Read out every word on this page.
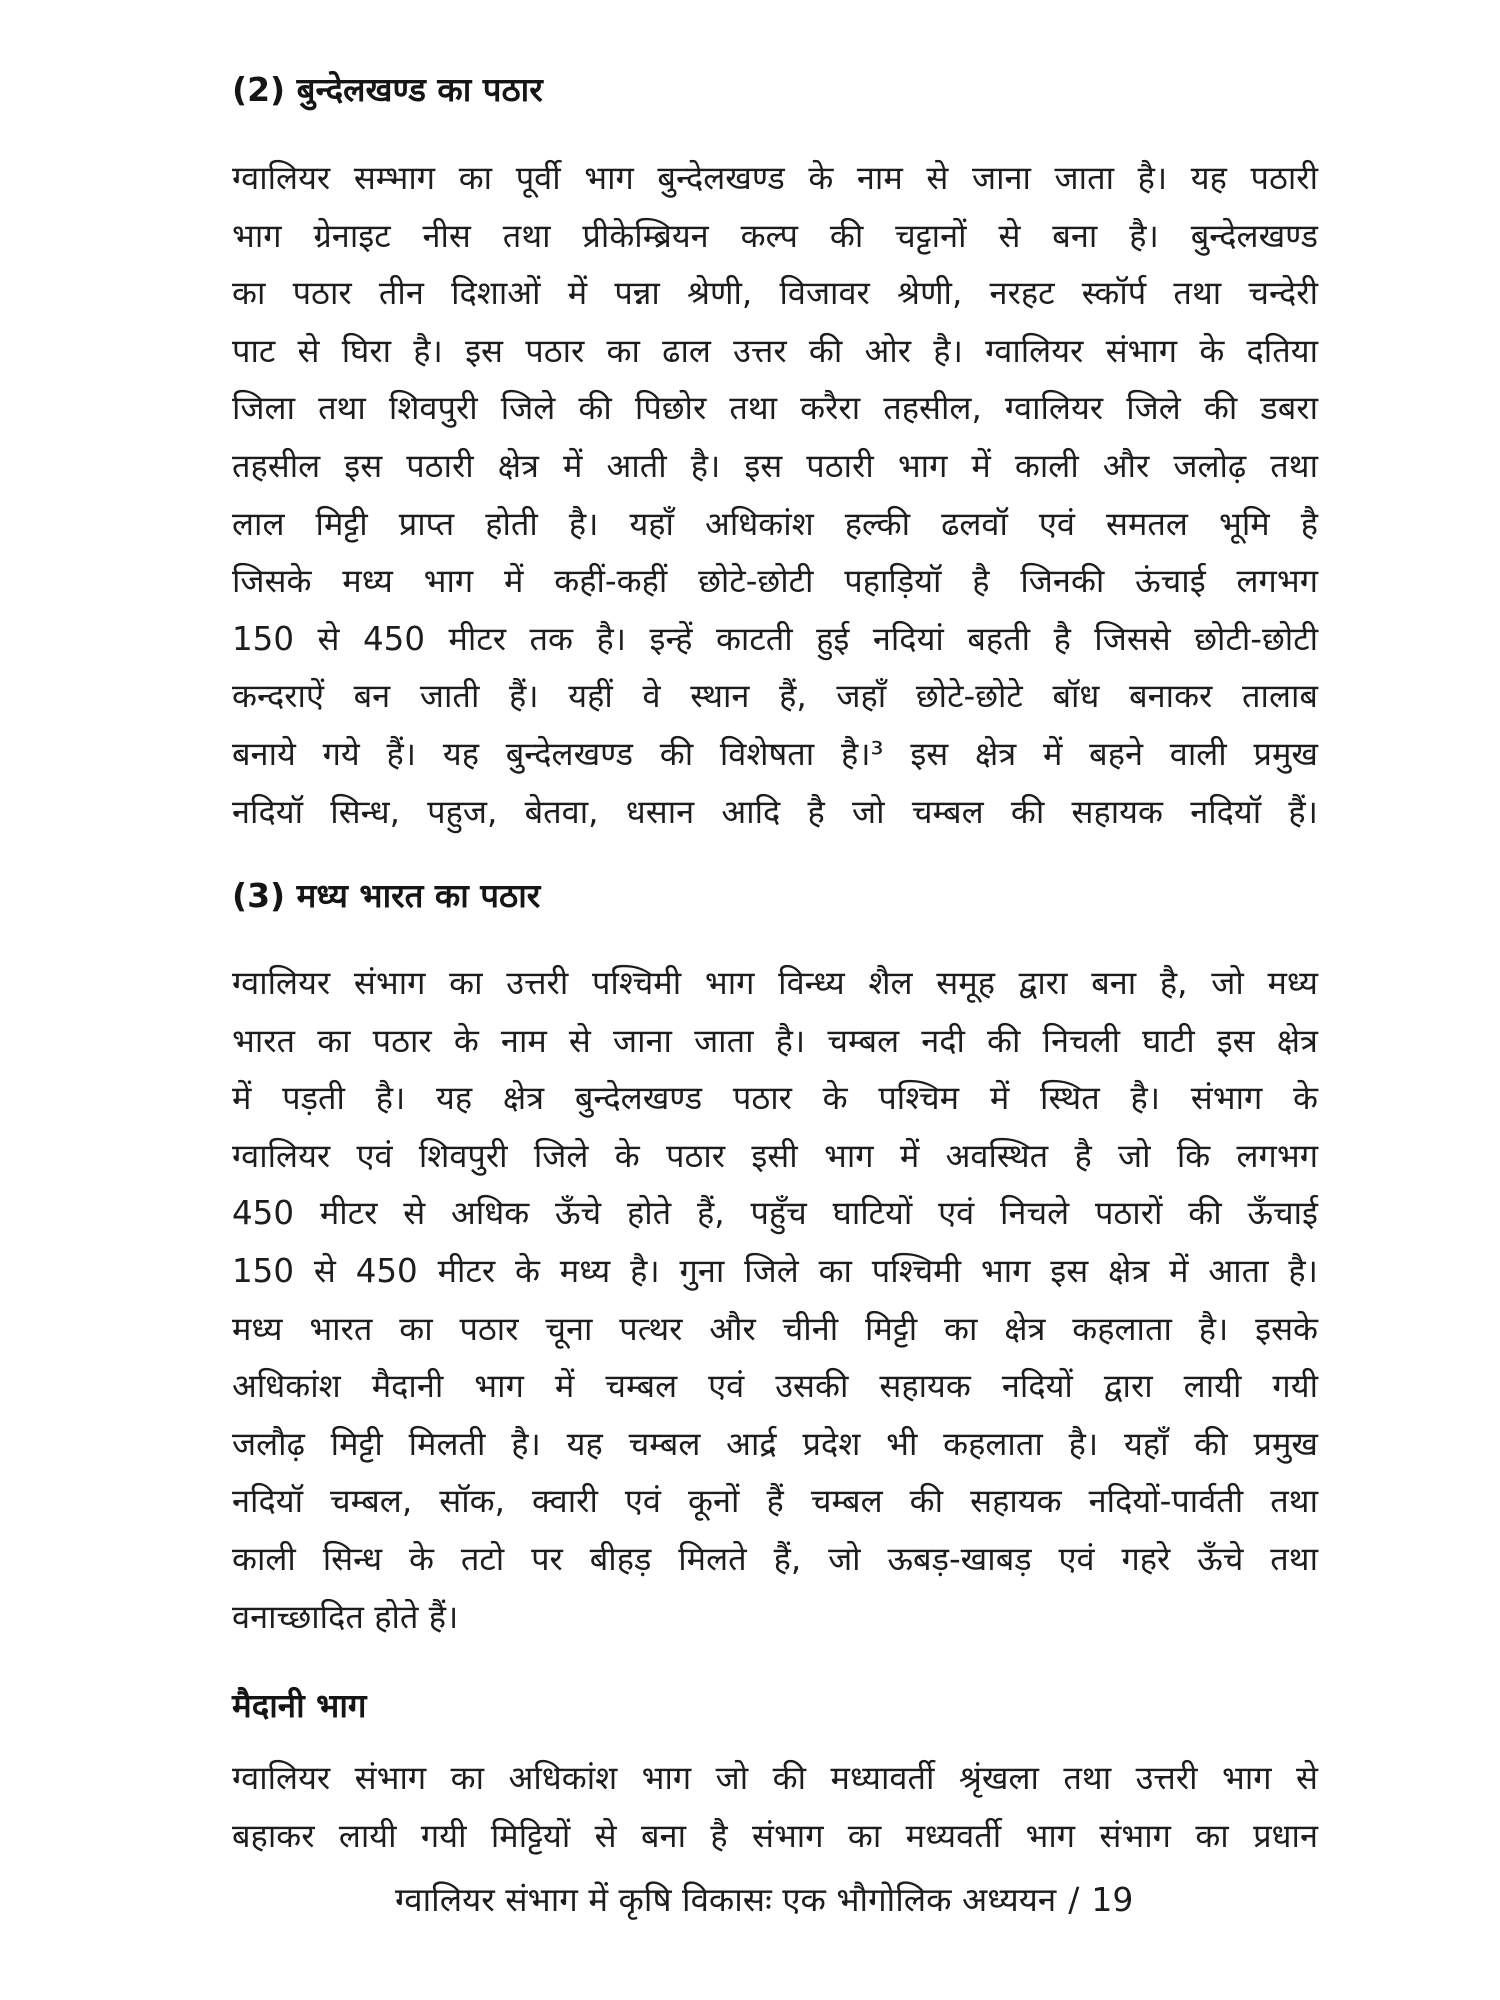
(2) बुन्देलखण्ड का पठार
ग्वालियर सम्भाग का पूर्वी भाग बुन्देलखण्ड के नाम से जाना जाता है। यह पठारी
भाग ग्रेनाइट नीस तथा प्रीकेम्ब्रियन कल्प की चट्टानों से बना है। बुन्देलखण्ड
का पठार तीन दिशाओं में पन्ना श्रेणी, विजावर श्रेणी, नरहट स्कॉर्प तथा चन्देरी
पाट से घिरा है। इस पठार का ढाल उत्तर की ओर है। ग्वालियर संभाग के दतिया
जिला तथा शिवपुरी जिले की पिछोर तथा करैरा तहसील, ग्वालियर जिले की डबरा
तहसील इस पठारी क्षेत्र में आती है। इस पठारी भाग में काली और जलोढ़ तथा
लाल मिट्टी प्राप्त होती है। यहाँ अधिकांश हल्की ढलवॉ एवं समतल भूमि है
जिसके मध्य भाग में कहीं-कहीं छोटे-छोटी पहाड़ियॉ है जिनकी ऊंचाई लगभग
150 से 450 मीटर तक है। इन्हें काटती हुई नदियां बहती है जिससे छोटी-छोटी
कन्दराऐं बन जाती हैं। यहीं वे स्थान हैं, जहाँ छोटे-छोटे बॉध बनाकर तालाब
बनाये गये हैं। यह बुन्देलखण्ड की विशेषता है।³ इस क्षेत्र में बहने वाली प्रमुख
नदियॉ सिन्ध, पहुज, बेतवा, धसान आदि है जो चम्बल की सहायक नदियॉ हैं।
(3) मध्य भारत का पठार
ग्वालियर संभाग का उत्तरी पश्चिमी भाग विन्ध्य शैल समूह द्वारा बना है, जो मध्य
भारत का पठार के नाम से जाना जाता है। चम्बल नदी की निचली घाटी इस क्षेत्र
में पड़ती है। यह क्षेत्र बुन्देलखण्ड पठार के पश्चिम में स्थित है। संभाग के
ग्वालियर एवं शिवपुरी जिले के पठार इसी भाग में अवस्थित है जो कि लगभग
450 मीटर से अधिक ऊँचे होते हैं, पहुँच घाटियों एवं निचले पठारों की ऊँचाई
150 से 450 मीटर के मध्य है। गुना जिले का पश्चिमी भाग इस क्षेत्र में आता है।
मध्य भारत का पठार चूना पत्थर और चीनी मिट्टी का क्षेत्र कहलाता है। इसके
अधिकांश मैदानी भाग में चम्बल एवं उसकी सहायक नदियों द्वारा लायी गयी
जलौढ़ मिट्टी मिलती है। यह चम्बल आर्द्र प्रदेश भी कहलाता है। यहाँ की प्रमुख
नदियॉ चम्बल, सॉक, क्वारी एवं कूनों हैं चम्बल की सहायक नदियों-पार्वती तथा
काली सिन्ध के तटो पर बीहड़ मिलते हैं, जो ऊबड़-खाबड़ एवं गहरे ऊँचे तथा
वनाच्छादित होते हैं।
मैदानी भाग
ग्वालियर संभाग का अधिकांश भाग जो की मध्यावर्ती श्रृंखला तथा उत्तरी भाग से
बहाकर लायी गयी मिट्टियों से बना है संभाग का मध्यवर्ती भाग संभाग का प्रधान
ग्वालियर संभाग में कृषि विकासः एक भौगोलिक अध्ययन / 19
